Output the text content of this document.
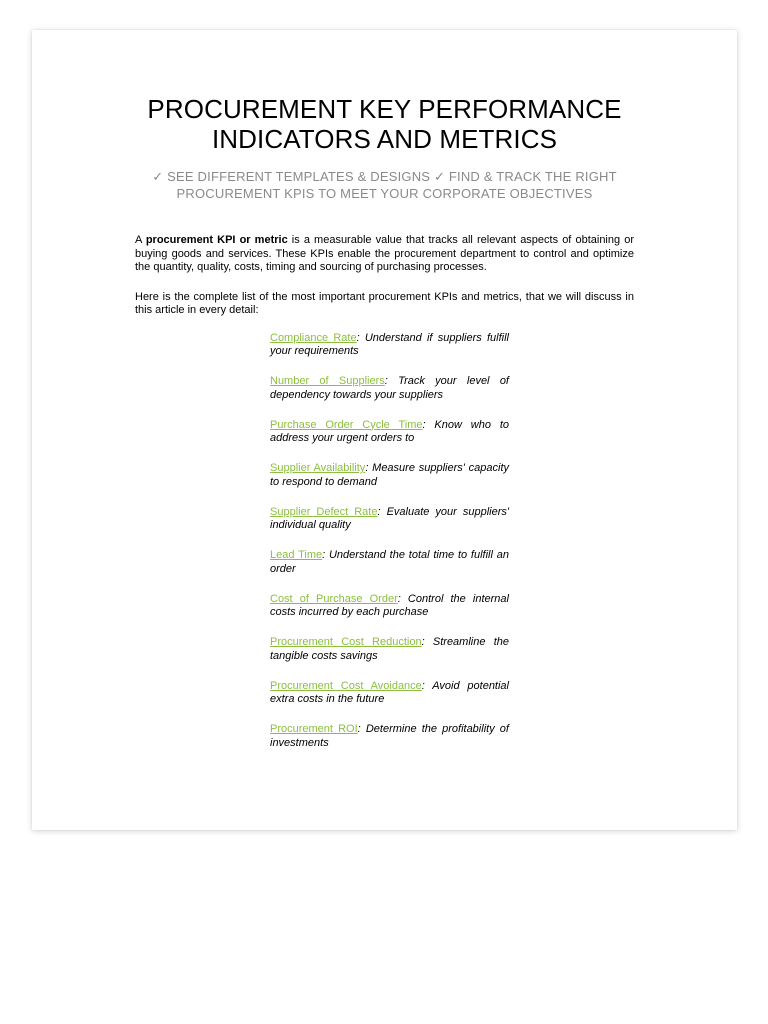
PROCUREMENT KEY PERFORMANCE INDICATORS AND METRICS
✓ SEE DIFFERENT TEMPLATES & DESIGNS ✓ FIND & TRACK THE RIGHT PROCUREMENT KPIS TO MEET YOUR CORPORATE OBJECTIVES

A procurement KPI or metric is a measurable value that tracks all relevant aspects of obtaining or buying goods and services. These KPIs enable the procurement department to control and optimize the quantity, quality, costs, timing and sourcing of purchasing processes.

Here is the complete list of the most important procurement KPIs and metrics, that we will discuss in this article in every detail:

Compliance Rate: Understand if suppliers fulfill your requirements
Number of Suppliers: Track your level of dependency towards your suppliers
Purchase Order Cycle Time: Know who to address your urgent orders to
Supplier Availability: Measure suppliers' capacity to respond to demand
Supplier Defect Rate: Evaluate your suppliers' individual quality
Lead Time: Understand the total time to fulfill an order
Cost of Purchase Order: Control the internal costs incurred by each purchase
Procurement Cost Reduction: Streamline the tangible costs savings
Procurement Cost Avoidance: Avoid potential extra costs in the future
Procurement ROI: Determine the profitability of investments
